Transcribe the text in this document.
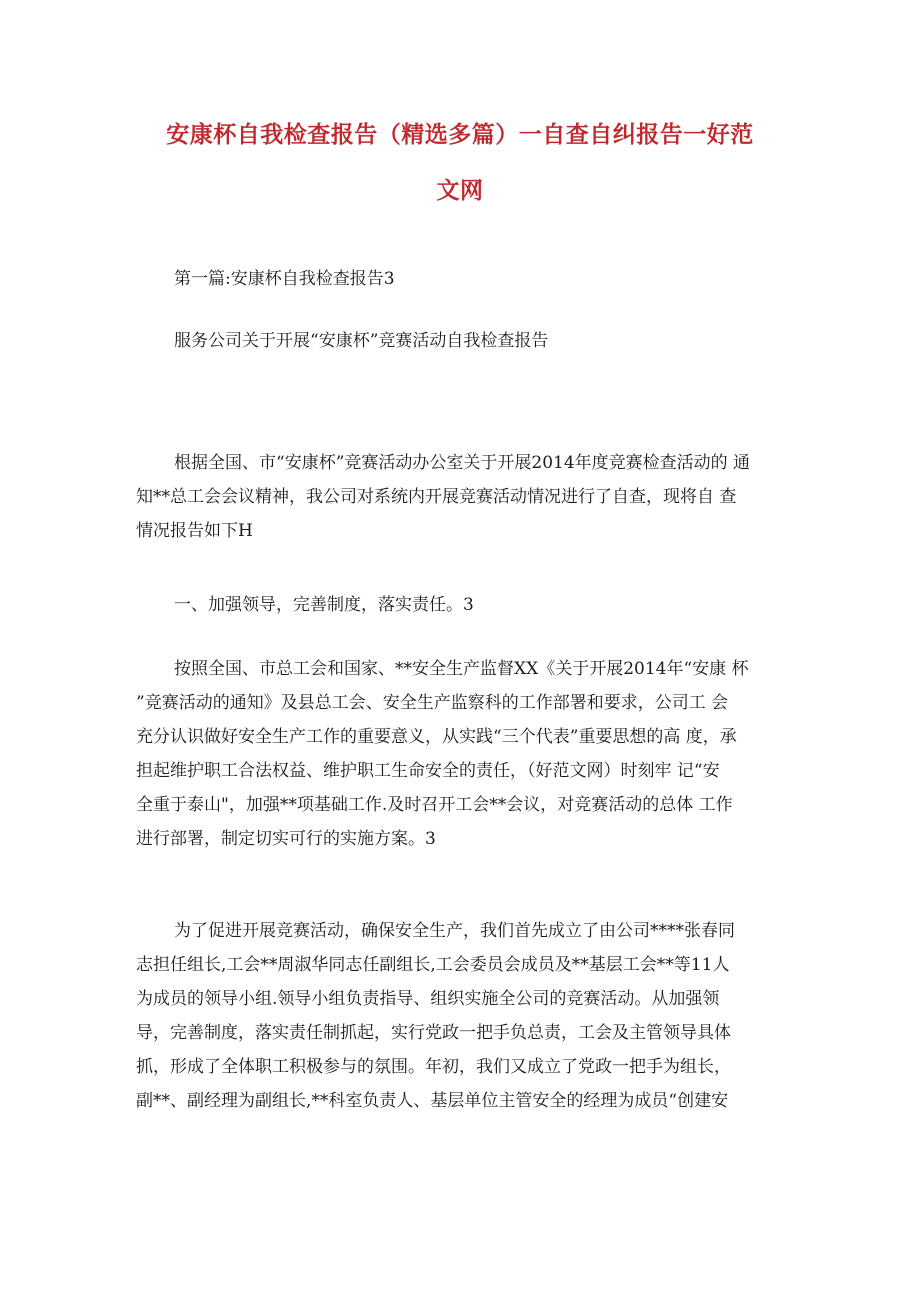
安康杯自我检查报告（精选多篇）一自查自纠报告一好范
文网

第一篇:安康杯自我检查报告3

服务公司关于开展“安康杯”竞赛活动自我检查报告

根据全国、市“安康杯”竞赛活动办公室关于开展2014年度竞赛检查活动的 通
知**总工会会议精神，我公司对系统内开展竞赛活动情况进行了自查，现将自 查
情况报告如下H

一、加强领导，完善制度，落实责任。3

按照全国、市总工会和国家、**安全生产监督XX《关于开展2014年“安康 杯
”竞赛活动的通知》及县总工会、安全生产监察科的工作部署和要求，公司工 会
充分认识做好安全生产工作的重要意义，从实践“三个代表”重要思想的高 度，承
担起维护职工合法权益、维护职工生命安全的责任，（好范文网）时刻牢 记“安
全重于泰山"，加强**项基础工作.及时召开工会**会议，对竞赛活动的总体 工作
进行部署，制定切实可行的实施方案。3
为了促进开展竞赛活动，确保安全生产，我们首先成立了由公司****张春同
志担任组长,工会**周淑华同志任副组长,工会委员会成员及**基层工会**等11人
为成员的领导小组.领导小组负责指导、组织实施全公司的竞赛活动。从加强领
导，完善制度，落实责任制抓起，实行党政一把手负总责，工会及主管领导具体
抓，形成了全体职工积极参与的氛围。年初，我们又成立了党政一把手为组长，
副**、副经理为副组长,**科室负责人、基层单位主管安全的经理为成员“创建安
